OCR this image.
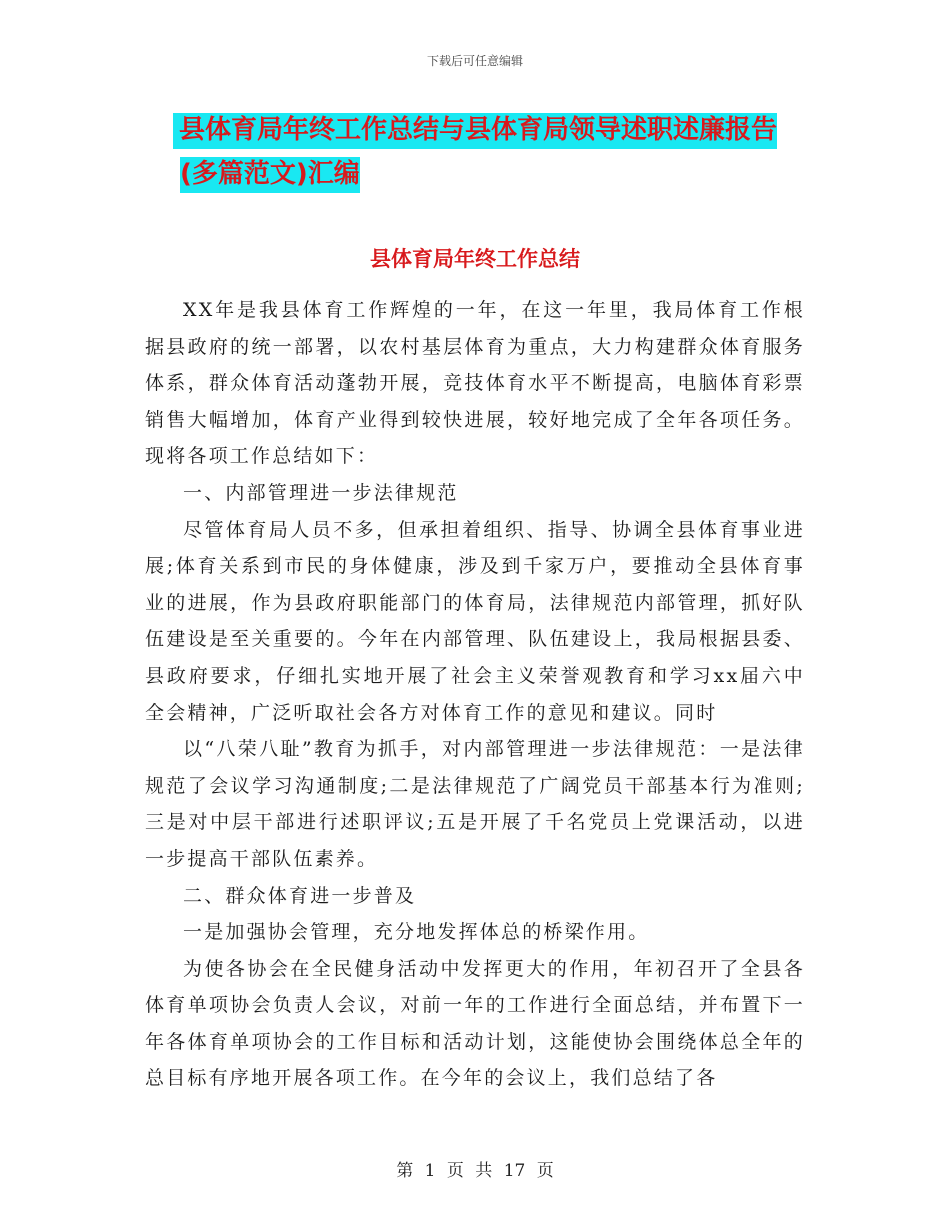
下载后可任意编辑
县体育局年终工作总结与县体育局领导述职述廉报告
(多篇范文)汇编
县体育局年终工作总结

XX年是我县体育工作辉煌的一年，在这一年里，我局体育工作根据县政府的统一部署，以农村基层体育为重点，大力构建群众体育服务体系，群众体育活动蓬勃开展，竞技体育水平不断提高，电脑体育彩票销售大幅增加，体育产业得到较快进展，较好地完成了全年各项任务。现将各项工作总结如下：

一、内部管理进一步法律规范

尽管体育局人员不多，但承担着组织、指导、协调全县体育事业进展;体育关系到市民的身体健康，涉及到千家万户，要推动全县体育事业的进展，作为县政府职能部门的体育局，法律规范内部管理，抓好队伍建设是至关重要的。今年在内部管理、队伍建设上，我局根据县委、县政府要求，仔细扎实地开展了社会主义荣誉观教育和学习xx届六中全会精神，广泛听取社会各方对体育工作的意见和建议。同时

以“八荣八耻”教育为抓手，对内部管理进一步法律规范：一是法律规范了会议学习沟通制度;二是法律规范了广阔党员干部基本行为准则;三是对中层干部进行述职评议;五是开展了千名党员上党课活动，以进一步提高干部队伍素养。

二、群众体育进一步普及

一是加强协会管理，充分地发挥体总的桥梁作用。

为使各协会在全民健身活动中发挥更大的作用，年初召开了全县各体育单项协会负责人会议，对前一年的工作进行全面总结，并布置下一年各体育单项协会的工作目标和活动计划，这能使协会围绕体总全年的总目标有序地开展各项工作。在今年的会议上，我们总结了各

第 1 页 共 17 页
